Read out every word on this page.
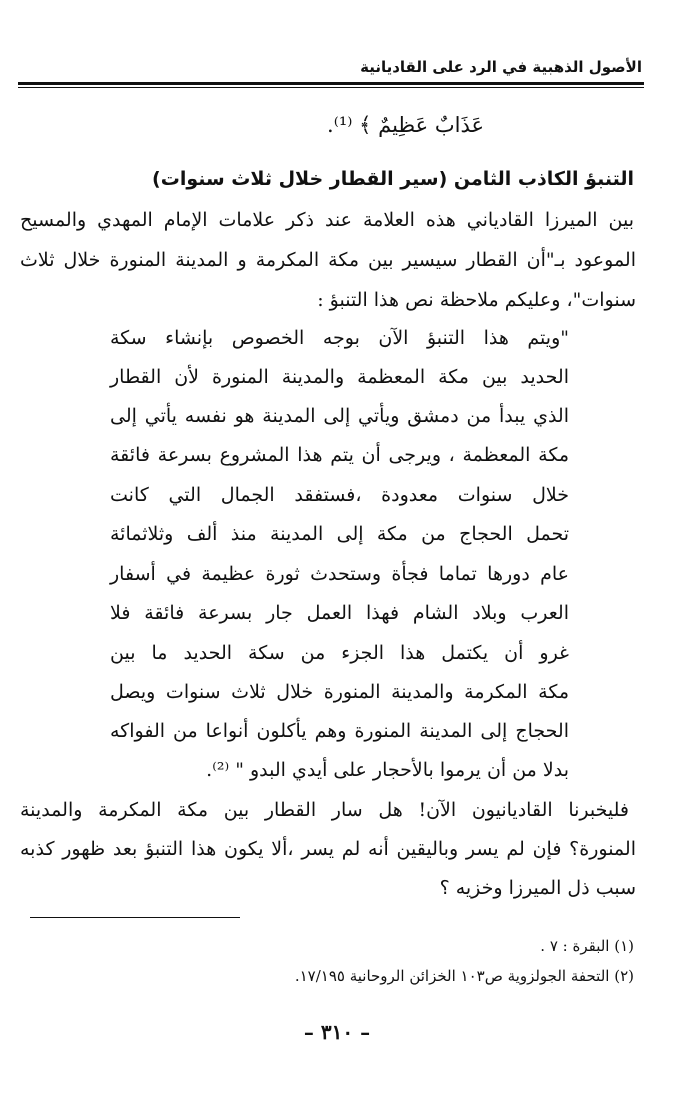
الأصول الذهبية في الرد على القاديانية
عَذَابٌ عَظِيمٌ ﴾ ⁽¹⁾.
التنبؤ الكاذب الثامن (سير القطار خلال ثلاث سنوات)
بين الميرزا القادياني هذه العلامة عند ذكر علامات الإمام المهدي والمسيح
الموعود بـ"أن القطار سيسير بين مكة المكرمة و المدينة المنورة خلال ثلاث
سنوات"، وعليكم ملاحظة نص هذا التنبؤ :
"ويتم هذا التنبؤ الآن بوجه الخصوص بإنشاء سكة
الحديد بين مكة المعظمة والمدينة المنورة لأن القطار
الذي يبدأ من دمشق ويأتي إلى المدينة هو نفسه يأتي إلى
مكة المعظمة ، ويرجى أن يتم هذا المشروع بسرعة فائقة
خلال سنوات معدودة ،فستفقد الجمال التي كانت
تحمل الحجاج من مكة إلى المدينة منذ ألف وثلاثمائة
عام دورها تماما فجأة وستحدث ثورة عظيمة في أسفار
العرب وبلاد الشام فهذا العمل جار بسرعة فائقة فلا
غرو أن يكتمل هذا الجزء من سكة الحديد ما بين
مكة المكرمة والمدينة المنورة خلال ثلاث سنوات ويصل
الحجاج إلى المدينة المنورة وهم يأكلون أنواعا من الفواكه
بدلا من أن يرموا بالأحجار على أيدي البدو " ⁽²⁾.
فليخبرنا القاديانيون الآن! هل سار القطار بين مكة المكرمة والمدينة
المنورة؟ فإن لم يسر وباليقين أنه لم يسر ،ألا يكون هذا التنبؤ بعد ظهور كذبه
سبب ذل الميرزا وخزيه ؟
(١) البقرة : ٧ .
(٢) التحفة الجولزوية ص١٠٣ الخزائن الروحانية ١٧/١٩٥.
– ٣١٠ –
